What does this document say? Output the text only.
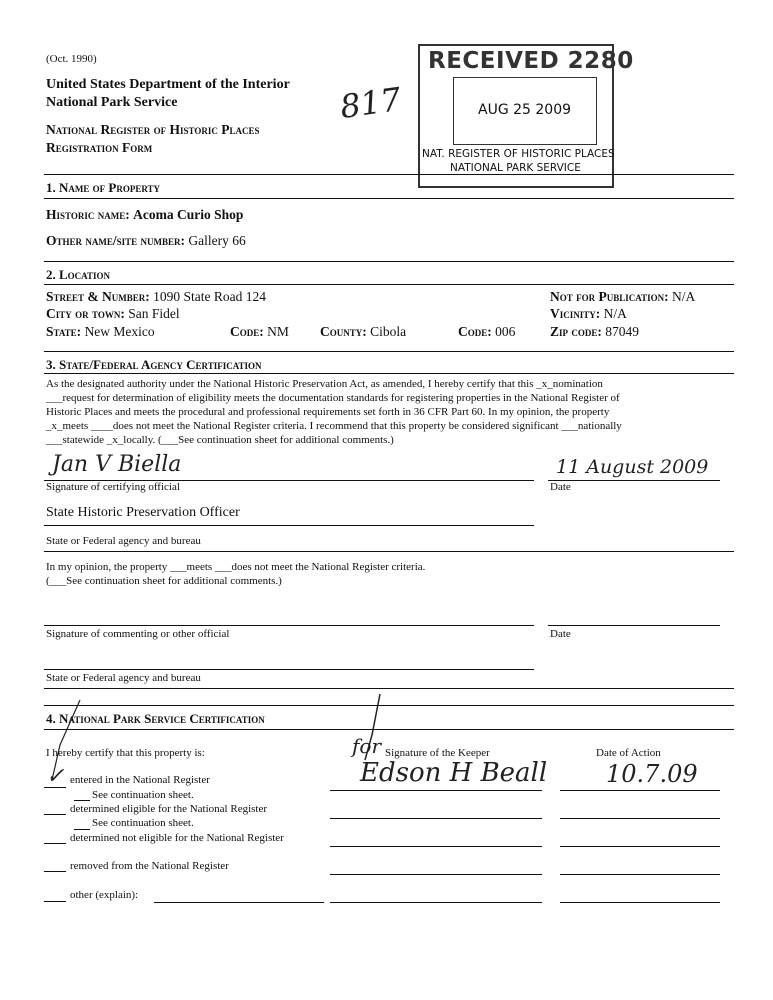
(Oct. 1990)
United States Department of the Interior
National Park Service
National Register of Historic Places
Registration Form
817
RECEIVED 2280
AUG 25 2009
NAT. REGISTER OF HISTORIC PLACES
NATIONAL PARK SERVICE
1. Name of Property
Historic name: Acoma Curio Shop
Other name/site number: Gallery 66
2. Location
Street & Number: 1090 State Road 124	Not for Publication: N/A
City or town: San Fidel	Vicinity: N/A
State: New Mexico	Code: NM County: Cibola	Code: 006	Zip code: 87049
3. State/Federal Agency Certification
As the designated authority under the National Historic Preservation Act, as amended, I hereby certify that this _x_nomination
___request for determination of eligibility meets the documentation standards for registering properties in the National Register of
Historic Places and meets the procedural and professional requirements set forth in 36 CFR Part 60. In my opinion, the property
_x_meets ____does not meet the National Register criteria. I recommend that this property be considered significant ___nationally
___statewide _x_locally. (___See continuation sheet for additional comments.)
Jan V Biella
Signature of certifying official
11 August 2009
Date
State Historic Preservation Officer
State or Federal agency and bureau
In my opinion, the property ___meets ___does not meet the National Register criteria.
(___See continuation sheet for additional comments.)
Signature of commenting or other official	Date
State or Federal agency and bureau
4. National Park Service Certification
I hereby certify that this property is:	for Signature of the Keeper	Date of Action
Edson H Beall 10.7.09
✓ entered in the National Register
See continuation sheet.
determined eligible for the National Register
See continuation sheet.
determined not eligible for the National Register
removed from the National Register
other (explain):
